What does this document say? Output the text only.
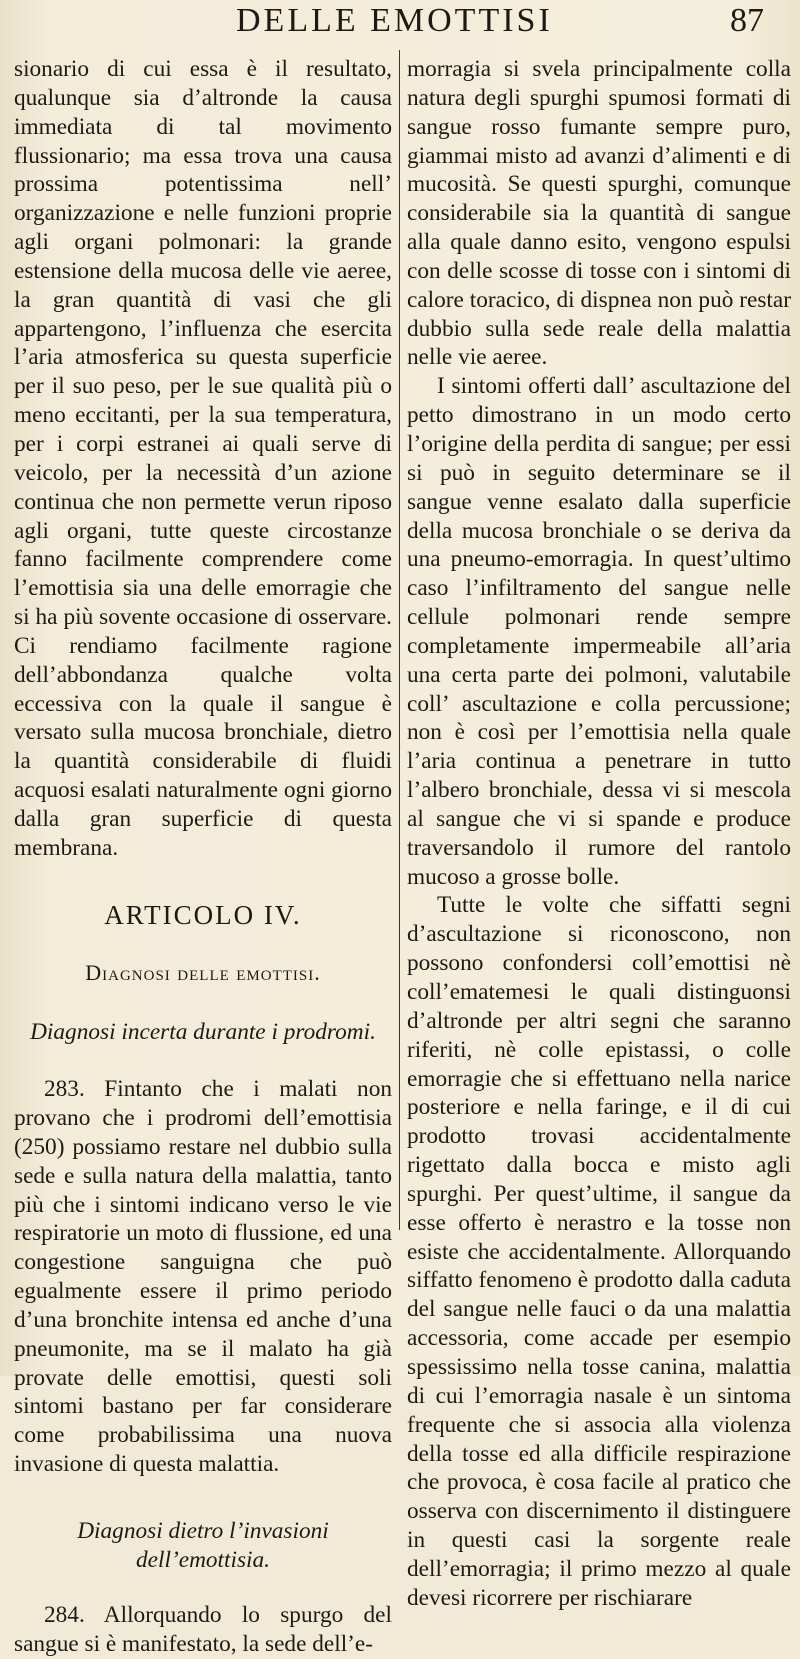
DELLE EMOTTISI	87

sionario di cui essa è il resultato, qualunque sia d’altronde la causa immediata di tal movimento flussionario; ma essa trova una causa prossima potentissima nell’ organizzazione e nelle funzioni proprie agli organi polmonari: la grande estensione della mucosa delle vie aeree, la gran quantità di vasi che gli appartengono, l’influenza che esercita l’aria atmosferica su questa superficie per il suo peso, per le sue qualità più o meno eccitanti, per la sua temperatura, per i corpi estranei ai quali serve di veicolo, per la necessità d’un azione continua che non permette verun riposo agli organi, tutte queste circostanze fanno facilmente comprendere come l’emottisia sia una delle emorragie che si ha più sovente occasione di osservare. Ci rendiamo facilmente ragione dell’abbondanza qualche volta eccessiva con la quale il sangue è versato sulla mucosa bronchiale, dietro la quantità considerabile di fluidi acquosi esalati naturalmente ogni giorno dalla gran superficie di questa membrana.

ARTICOLO IV.
Diagnosi delle emottisi.
Diagnosi incerta durante i prodromi.

283. Fintanto che i malati non provano che i prodromi dell’emottisia (250) possiamo restare nel dubbio sulla sede e sulla natura della malattia, tanto più che i sintomi indicano verso le vie respiratorie un moto di flussione, ed una congestione sanguigna che può egualmente essere il primo periodo d’una bronchite intensa ed anche d’una pneumonite, ma se il malato ha già provate delle emottisi, questi soli sintomi bastano per far considerare come probabilissima una nuova invasione di questa malattia.

Diagnosi dietro l’invasioni
dell’emottisia.

284. Allorquando lo spurgo del sangue si è manifestato, la sede dell’e-

morragia si svela principalmente colla natura degli spurghi spumosi formati di sangue rosso fumante sempre puro, giammai misto ad avanzi d’alimenti e di mucosità. Se questi spurghi, comunque considerabile sia la quantità di sangue alla quale danno esito, vengono espulsi con delle scosse di tosse con i sintomi di calore toracico, di dispnea non può restar dubbio sulla sede reale della malattia nelle vie aeree.

I sintomi offerti dall’ ascultazione del petto dimostrano in un modo certo l’origine della perdita di sangue; per essi si può in seguito determinare se il sangue venne esalato dalla superficie della mucosa bronchiale o se deriva da una pneumo-emorragia. In quest’ultimo caso l’infiltramento del sangue nelle cellule polmonari rende sempre completamente impermeabile all’aria una certa parte dei polmoni, valutabile coll’ ascultazione e colla percussione; non è così per l’emottisia nella quale l’aria continua a penetrare in tutto l’albero bronchiale, dessa vi si mescola al sangue che vi si spande e produce traversandolo il rumore del rantolo mucoso a grosse bolle.

Tutte le volte che siffatti segni d’ascultazione si riconoscono, non possono confondersi coll’emottisi nè coll’ematemesi le quali distinguonsi d’altronde per altri segni che saranno riferiti, nè colle epistassi, o colle emorragie che si effettuano nella narice posteriore e nella faringe, e il di cui prodotto trovasi accidentalmente rigettato dalla bocca e misto agli spurghi. Per quest’ultime, il sangue da esse offerto è nerastro e la tosse non esiste che accidentalmente. Allorquando siffatto fenomeno è prodotto dalla caduta del sangue nelle fauci o da una malattia accessoria, come accade per esempio spessissimo nella tosse canina, malattia di cui l’emorragia nasale è un sintoma frequente che si associa alla violenza della tosse ed alla difficile respirazione che provoca, è cosa facile al pratico che osserva con discernimento il distinguere in questi casi la sorgente reale dell’emorragia; il primo mezzo al quale devesi ricorrere per rischiarare
